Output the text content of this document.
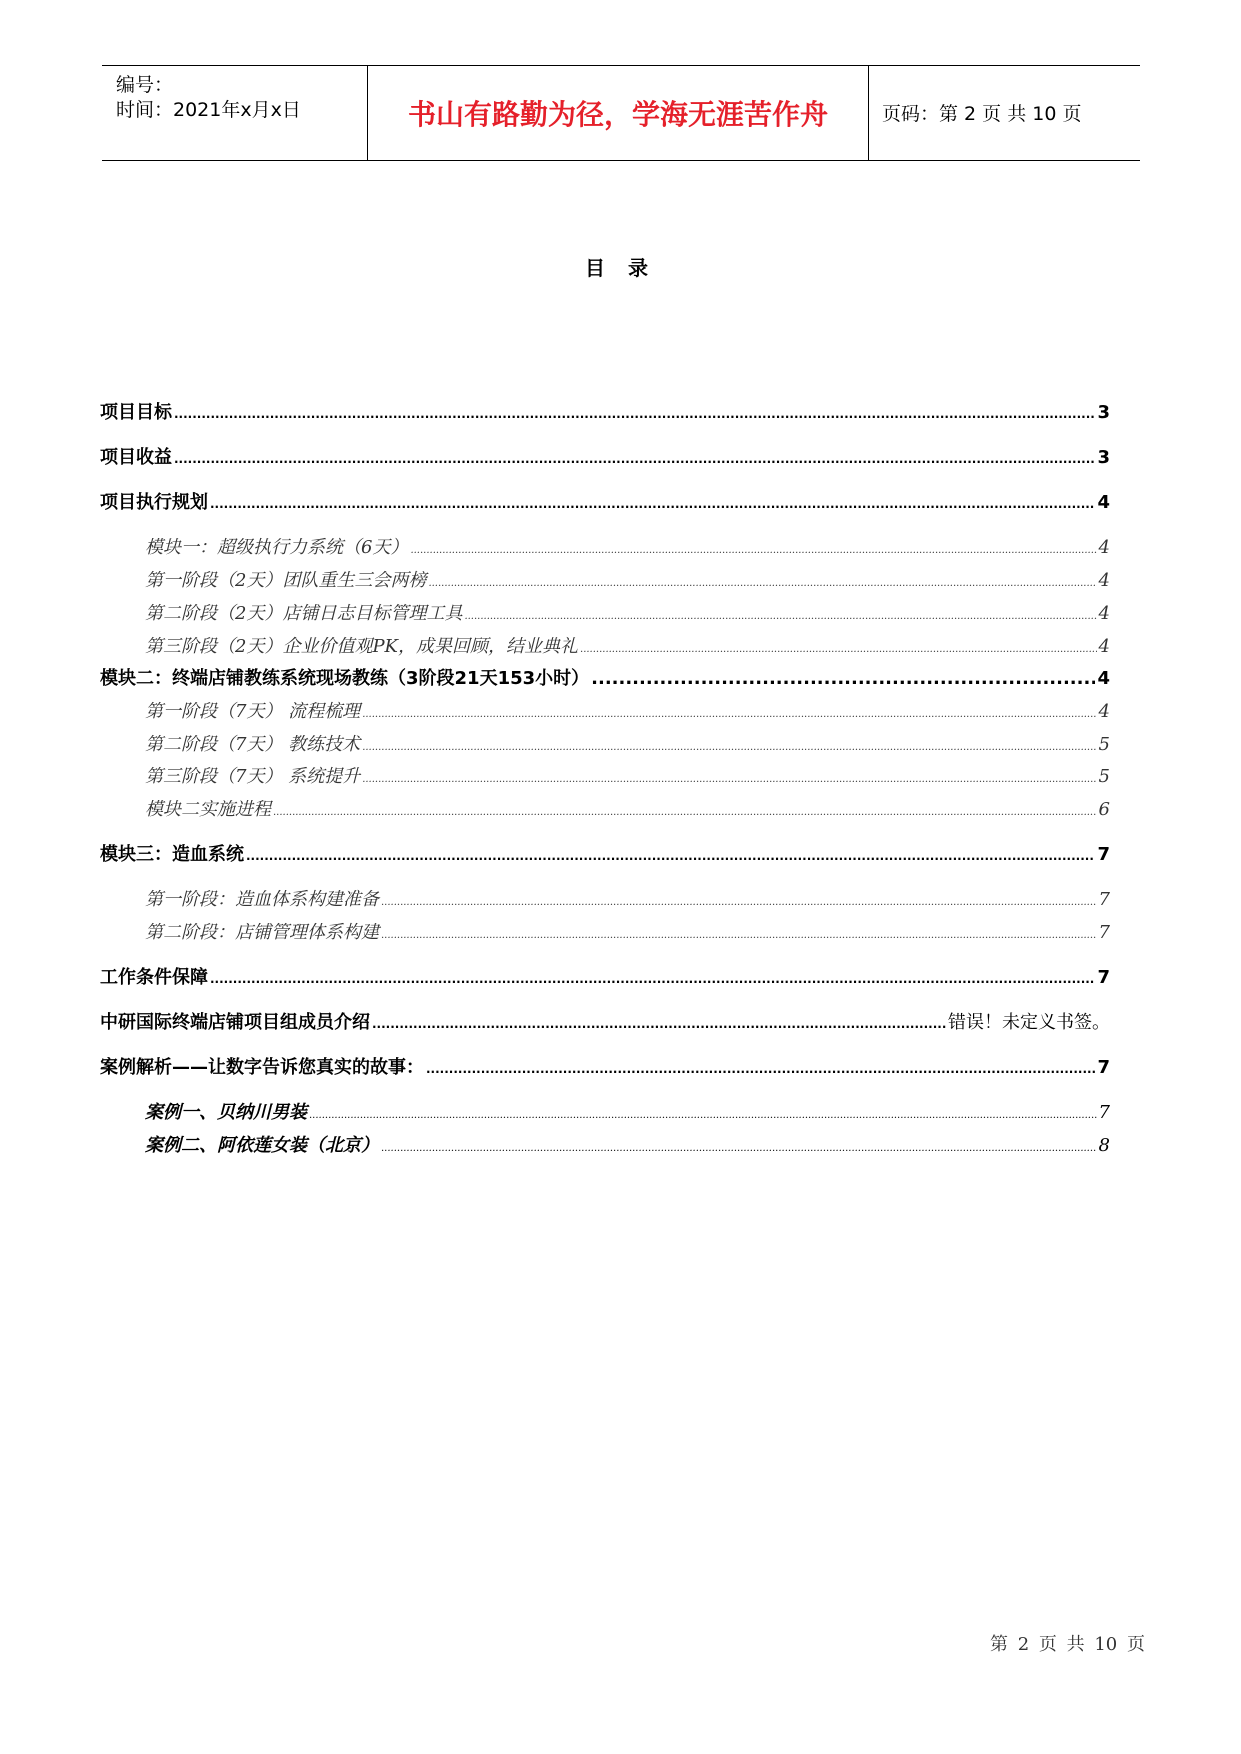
编号：
时间：2021年x月x日	书山有路勤为径，学海无涯苦作舟	页码：第 2 页 共 10 页
目 录
项目目标 .....	3
项目收益 .....	3
项目执行规划 .....	4
模块一：超级执行力系统（6天） .....	4
第一阶段（2天）团队重生三会两榜 .....	4
第二阶段（2天）店铺日志目标管理工具 .....	4
第三阶段（2天）企业价值观PK，成果回顾，结业典礼 .....	4
模块二：终端店铺教练系统现场教练（3阶段21天153小时） .....	4
第一阶段（7天） 流程梳理 .....	4
第二阶段（7天） 教练技术 .....	5
第三阶段（7天） 系统提升 .....	5
模块二实施进程 .....	6
模块三：造血系统 .....	7
第一阶段：造血体系构建准备 .....	7
第二阶段：店铺管理体系构建 .....	7
工作条件保障 .....	7
中研国际终端店铺项目组成员介绍 .....	错误！未定义书签。
案例解析——让数字告诉您真实的故事： .....	7
案例一、贝纳川男装 .....	7
案例二、阿依莲女装（北京） .....	8
第 2 页 共 10 页
